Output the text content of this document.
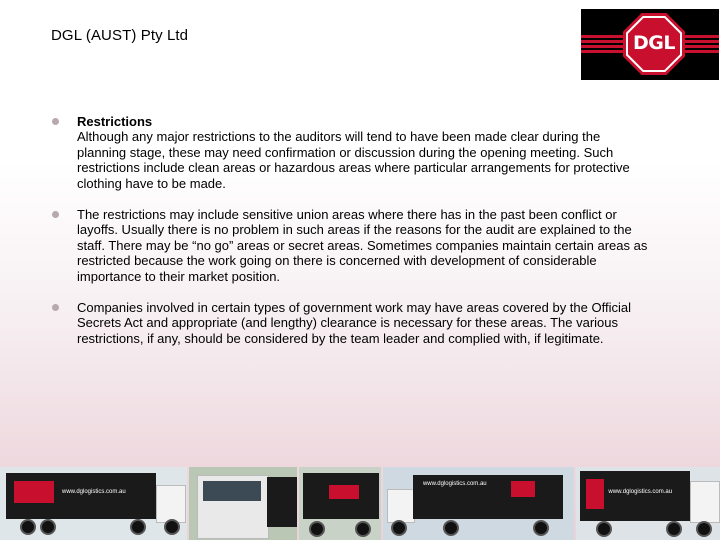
DGL (AUST) Pty Ltd	DGL
Restrictions
Although any major restrictions to the auditors will tend to have been made clear during the planning stage, these may need confirmation or discussion during the opening meeting. Such restrictions include clean areas or hazardous areas where particular arrangements for protective clothing have to be made.
The restrictions may include sensitive union areas where there has in the past been conflict or layoffs. Usually there is no problem in such areas if the reasons for the audit are explained to the staff. There may be “no go” areas or secret areas. Sometimes companies maintain certain areas as restricted because the work going on there is concerned with development of considerable importance to their market position.
Companies involved in certain types of government work may have areas covered by the Official Secrets Act and appropriate (and lengthy) clearance is necessary for these areas. The various restrictions, if any, should be considered by the team leader and complied with, if legitimate.
www.dglogistics.com.au
www.dglogistics.com.au
www.dglogistics.com.au
